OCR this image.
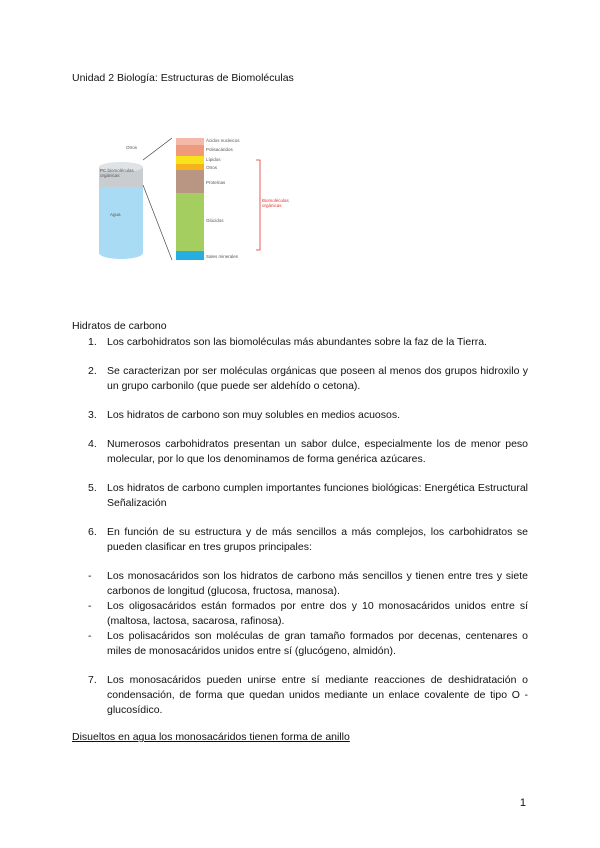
Unidad 2 Biología: Estructuras de Biomoléculas
Otros
PC biomoléculas orgánicas
Agua
Ácidos nucleicos
Polisacáridos
Lípidos
Otros
Proteínas
Glúcidos
Sales minerales
Biomoléculas orgánicas
Hidratos de carbono

1. Los carbohidratos son las biomoléculas más abundantes sobre la faz de la Tierra.

2. Se caracterizan por ser moléculas orgánicas que poseen al menos dos grupos hidroxilo y un grupo carbonilo (que puede ser aldehído o cetona).

3. Los hidratos de carbono son muy solubles en medios acuosos.

4. Numerosos carbohidratos presentan un sabor dulce, especialmente los de menor peso molecular, por lo que los denominamos de forma genérica azúcares.

5. Los hidratos de carbono cumplen importantes funciones biológicas: Energética Estructural Señalización

6. En función de su estructura y de más sencillos a más complejos, los carbohidratos se pueden clasificar en tres grupos principales:

- Los monosacáridos son los hidratos de carbono más sencillos y tienen entre tres y siete carbonos de longitud (glucosa, fructosa, manosa).

- Los oligosacáridos están formados por entre dos y 10 monosacáridos unidos entre sí (maltosa, lactosa, sacarosa, rafinosa).

- Los polisacáridos son moléculas de gran tamaño formados por decenas, centenares o miles de monosacáridos unidos entre sí (glucógeno, almidón).

7. Los monosacáridos pueden unirse entre sí mediante reacciones de deshidratación o condensación, de forma que quedan unidos mediante un enlace covalente de tipo O - glucosídico.

Disueltos en agua los monosacáridos tienen forma de anillo
1
